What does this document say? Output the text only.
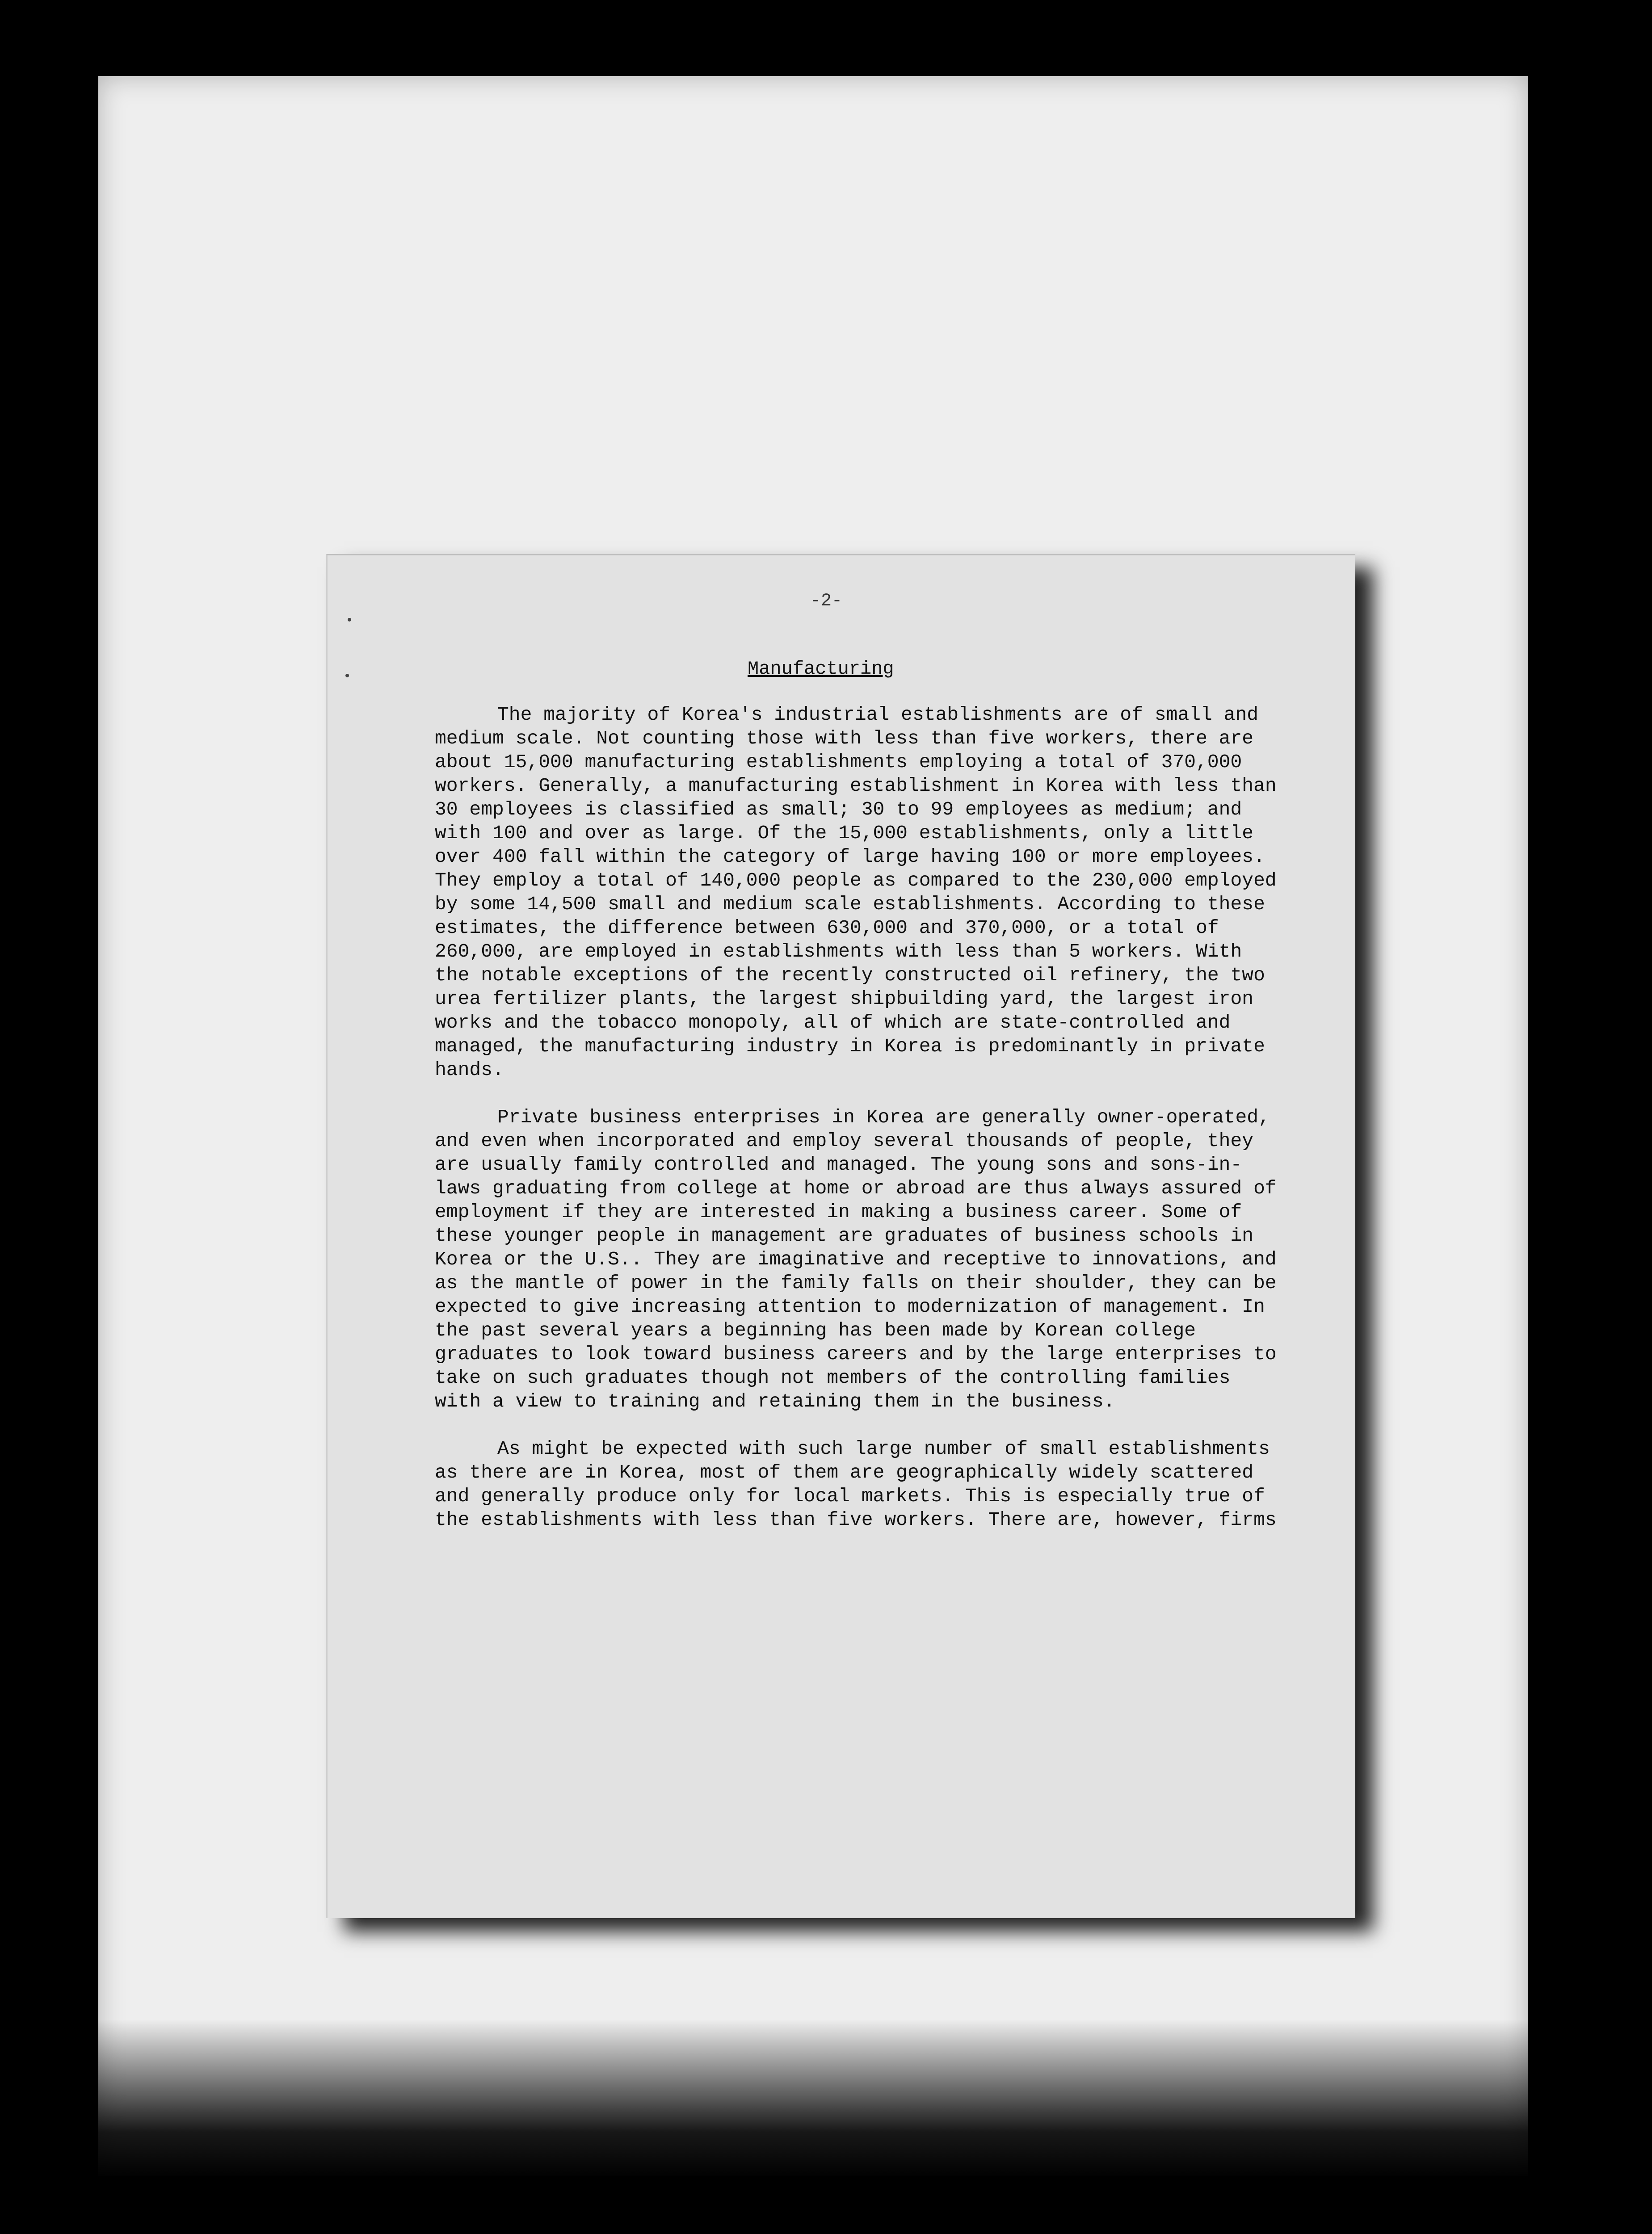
-2-
Manufacturing

The majority of Korea's industrial establishments are of small and medium scale. Not counting those with less than five workers, there are about 15,000 manufacturing establishments employing a total of 370,000 workers. Generally, a manufacturing establishment in Korea with less than 30 employees is classified as small; 30 to 99 employees as medium; and with 100 and over as large. Of the 15,000 establishments, only a little over 400 fall within the category of large having 100 or more employees. They employ a total of 140,000 people as compared to the 230,000 employed by some 14,500 small and medium scale establishments. According to these estimates, the difference between 630,000 and 370,000, or a total of 260,000, are employed in establishments with less than 5 workers. With the notable exceptions of the recently constructed oil refinery, the two urea fertilizer plants, the largest shipbuilding yard, the largest iron works and the tobacco monopoly, all of which are state-controlled and managed, the manufacturing industry in Korea is predominantly in private hands.

Private business enterprises in Korea are generally owner-operated, and even when incorporated and employ several thousands of people, they are usually family controlled and managed. The young sons and sons-in-laws graduating from college at home or abroad are thus always assured of employment if they are interested in making a business career. Some of these younger people in management are graduates of business schools in Korea or the U.S.. They are imaginative and receptive to innovations, and as the mantle of power in the family falls on their shoulder, they can be expected to give increasing attention to modernization of management. In the past several years a beginning has been made by Korean college graduates to look toward business careers and by the large enterprises to take on such graduates though not members of the controlling families with a view to training and retaining them in the business.

As might be expected with such large number of small establishments as there are in Korea, most of them are geographically widely scattered and generally produce only for local markets. This is especially true of the establishments with less than five workers. There are, however, firms
